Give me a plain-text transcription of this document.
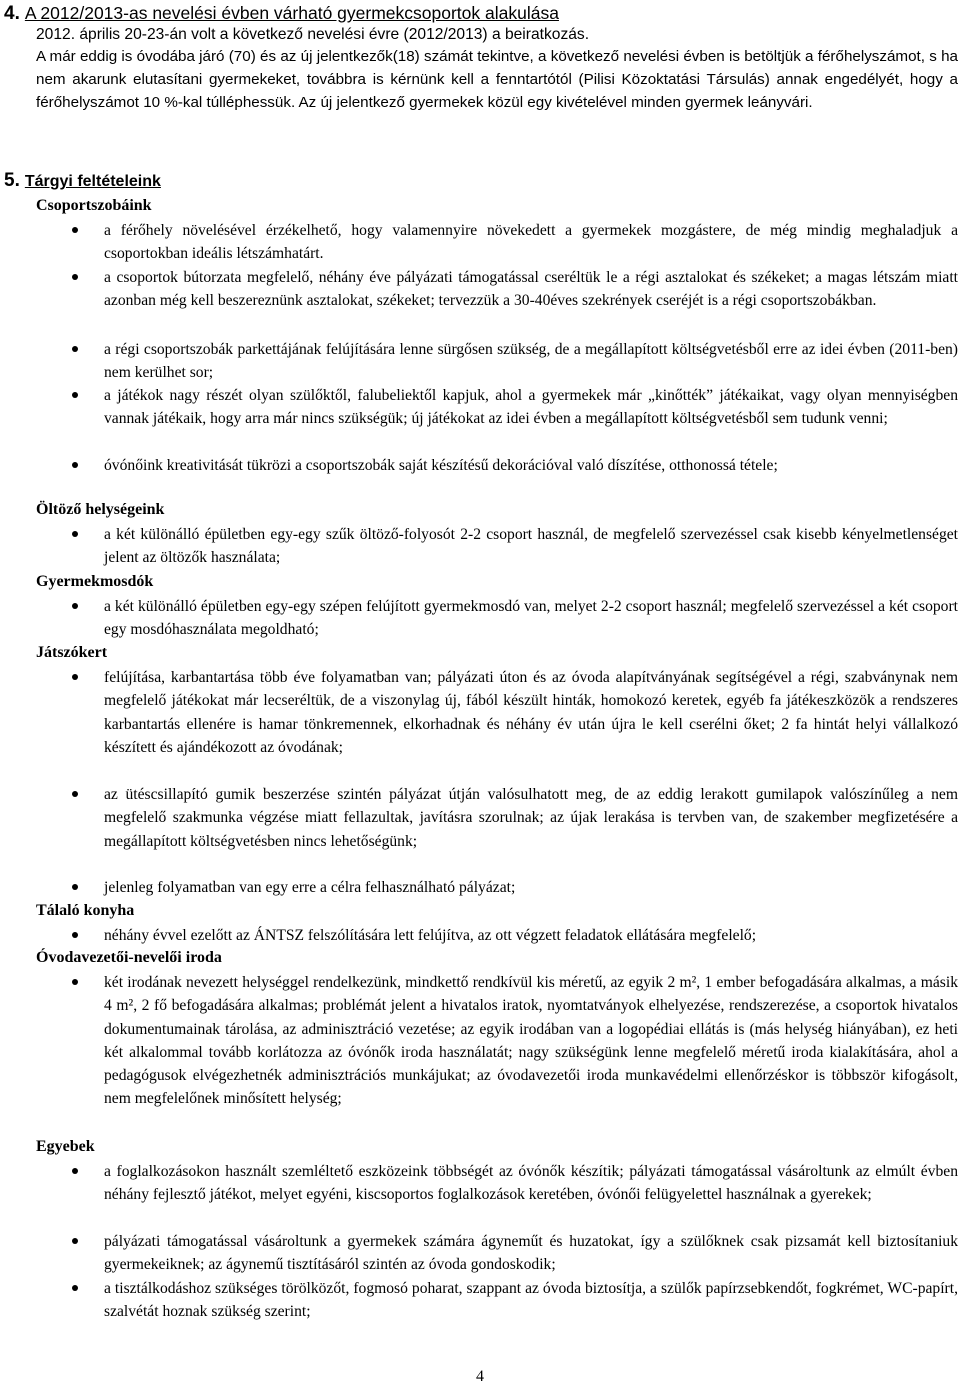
4. A 2012/2013-as nevelési évben várható gyermekcsoportok alakulása
2012. április 20-23-án volt a következő nevelési évre (2012/2013) a beiratkozás.
A már eddig is óvodába járó (70) és az új jelentkezők(18) számát tekintve, a következő nevelési évben is betöltjük a férőhelyszámot, s ha nem akarunk elutasítani gyermekeket, továbbra is kérnünk kell a fenntartótól (Pilisi Közoktatási Társulás) annak engedélyét, hogy a férőhelyszámot 10 %-kal túlléphessük. Az új jelentkező gyermekek közül egy kivételével minden gyermek leányvári.
5. Tárgyi feltételeink
Csoportszobáink
a férőhely növelésével érzékelhető, hogy valamennyire növekedett a gyermekek mozgástere, de még mindig meghaladjuk a csoportokban ideális létszámhatárt.
a csoportok bútorzata megfelelő, néhány éve pályázati támogatással cseréltük le a régi asztalokat és székeket; a magas létszám miatt azonban még kell beszereznünk asztalokat, székeket; tervezzük a 30-40éves szekrények cseréjét is a régi csoportszobákban.
a régi csoportszobák parkettájának felújítására lenne sürgősen szükség, de a megállapított költségvetésből erre az idei évben (2011-ben) nem kerülhet sor;
a játékok nagy részét olyan szülőktől, falubeliektől kapjuk, ahol a gyermekek már „kinőtték” játékaikat, vagy olyan mennyiségben vannak játékaik, hogy arra már nincs szükségük; új játékokat az idei évben a megállapított költségvetésből sem tudunk venni;
óvónőink kreativitását tükrözi a csoportszobák saját készítésű dekorációval való díszítése, otthonossá tétele;
Öltöző helységeink
a két különálló épületben egy-egy szűk öltöző-folyosót 2-2 csoport használ, de megfelelő szervezéssel csak kisebb kényelmetlenséget jelent az öltözők használata;
Gyermekmosdók
a két különálló épületben egy-egy szépen felújított gyermekmosdó van, melyet 2-2 csoport használ; megfelelő szervezéssel a két csoport egy mosdóhasználata megoldható;
Játszókert
felújítása, karbantartása több éve folyamatban van; pályázati úton és az óvoda alapítványának segítségével a régi, szabványnak nem megfelelő játékokat már lecseréltük, de a viszonylag új, fából készült hinták, homokozó keretek, egyéb fa játékeszközök a rendszeres karbantartás ellenére is hamar tönkremennek, elkorhadnak és néhány év után újra le kell cserélni őket; 2 fa hintát helyi vállalkozó készített és ajándékozott az óvodának;
az ütéscsillapító gumik beszerzése szintén pályázat útján valósulhatott meg, de az eddig lerakott gumilapok valószínűleg a nem megfelelő szakmunka végzése miatt fellazultak, javításra szorulnak; az újak lerakása is tervben van, de szakember megfizetésére a megállapított költségvetésben nincs lehetőségünk;
jelenleg folyamatban van egy erre a célra felhasználható pályázat;
Tálaló konyha
néhány évvel ezelőtt az ÁNTSZ felszólítására lett felújítva, az ott végzett feladatok ellátására megfelelő;
Óvodavezetői-nevelői iroda
két irodának nevezett helységgel rendelkezünk, mindkettő rendkívül kis méretű, az egyik 2 m², 1 ember befogadására alkalmas, a másik 4 m², 2 fő befogadására alkalmas; problémát jelent a hivatalos iratok, nyomtatványok elhelyezése, rendszerezése, a csoportok hivatalos dokumentumainak tárolása, az adminisztráció vezetése; az egyik irodában van a logopédiai ellátás is (más helység hiányában), ez heti két alkalommal tovább korlátozza az óvónők iroda használatát; nagy szükségünk lenne megfelelő méretű iroda kialakítására, ahol a pedagógusok elvégezhetnék adminisztrációs munkájukat; az óvodavezetői iroda munkavédelmi ellenőrzéskor is többször kifogásolt, nem megfelelőnek minősített helység;
Egyebek
a foglalkozásokon használt szemléltető eszközeink többségét az óvónők készítik; pályázati támogatással vásároltunk az elmúlt évben néhány fejlesztő játékot, melyet egyéni, kiscsoportos foglalkozások keretében, óvónői felügyelettel használnak a gyerekek;
pályázati támogatással vásároltunk a gyermekek számára ágyneműt és huzatokat, így a szülőknek csak pizsamát kell biztosítaniuk gyermekeiknek; az ágynemű tisztításáról szintén az óvoda gondoskodik;
a tisztálkodáshoz szükséges törölközőt, fogmosó poharat, szappant az óvoda biztosítja, a szülők papírzsebkendőt, fogkrémet, WC-papírt, szalvétát hoznak szükség szerint;
4
